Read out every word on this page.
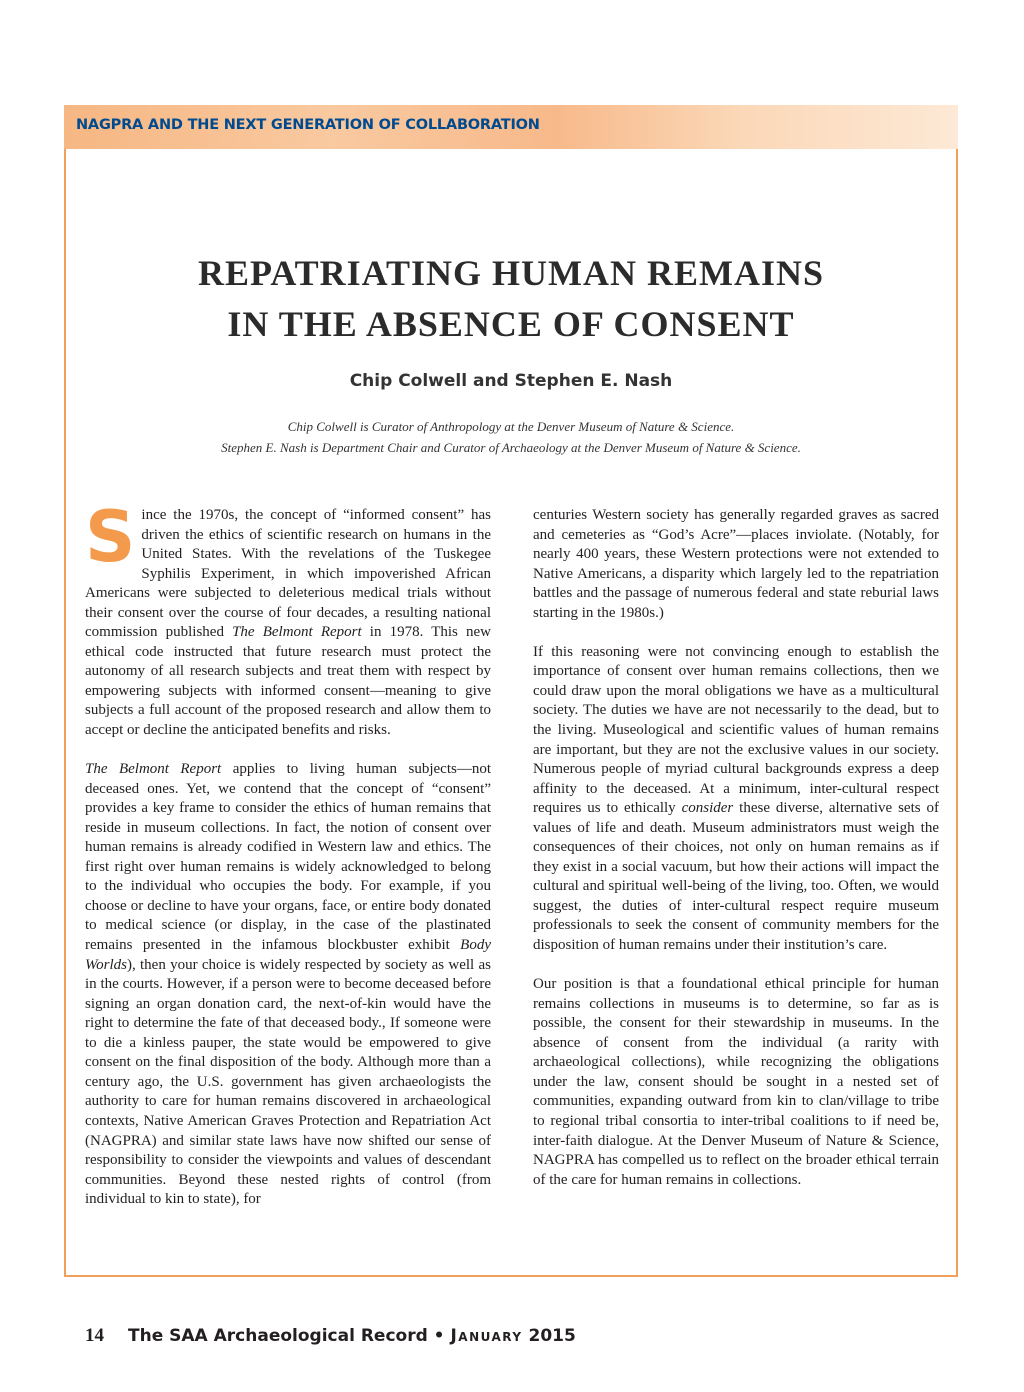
NAGPRA AND THE NEXT GENERATION OF COLLABORATION
REPATRIATING HUMAN REMAINS
IN THE ABSENCE OF CONSENT
Chip Colwell and Stephen E. Nash
Chip Colwell is Curator of Anthropology at the Denver Museum of Nature & Science.
Stephen E. Nash is Department Chair and Curator of Archaeology at the Denver Museum of Nature & Science.

Since the 1970s, the concept of “informed consent” has driven the ethics of scientific research on humans in the United States. With the revelations of the Tuskegee Syphilis Experiment, in which impoverished African Americans were subjected to deleterious medical trials without their consent over the course of four decades, a resulting national commission published The Belmont Report in 1978. This new ethical code instructed that future research must protect the autonomy of all research subjects and treat them with respect by empowering subjects with informed consent—meaning to give subjects a full account of the proposed research and allow them to accept or decline the anticipated benefits and risks.

The Belmont Report applies to living human subjects—not deceased ones. Yet, we contend that the concept of “consent” provides a key frame to consider the ethics of human remains that reside in museum collections. In fact, the notion of consent over human remains is already codified in Western law and ethics. The first right over human remains is widely acknowledged to belong to the individual who occupies the body. For example, if you choose or decline to have your organs, face, or entire body donated to medical science (or display, in the case of the plastinated remains presented in the infamous blockbuster exhibit Body Worlds), then your choice is widely respected by society as well as in the courts. However, if a person were to become deceased before signing an organ donation card, the next-of-kin would have the right to determine the fate of that deceased body., If someone were to die a kinless pauper, the state would be empowered to give consent on the final disposition of the body. Although more than a century ago, the U.S. government has given archaeologists the authority to care for human remains discovered in archaeological contexts, Native American Graves Protection and Repatriation Act (NAGPRA) and similar state laws have now shifted our sense of responsibility to consider the viewpoints and values of descendant communities. Beyond these nested rights of control (from individual to kin to state), for

centuries Western society has generally regarded graves as sacred and cemeteries as “God’s Acre”—places inviolate. (Notably, for nearly 400 years, these Western protections were not extended to Native Americans, a disparity which largely led to the repatriation battles and the passage of numerous federal and state reburial laws starting in the 1980s.)

If this reasoning were not convincing enough to establish the importance of consent over human remains collections, then we could draw upon the moral obligations we have as a multicultural society. The duties we have are not necessarily to the dead, but to the living. Museological and scientific values of human remains are important, but they are not the exclusive values in our society. Numerous people of myriad cultural backgrounds express a deep affinity to the deceased. At a minimum, inter-cultural respect requires us to ethically consider these diverse, alternative sets of values of life and death. Museum administrators must weigh the consequences of their choices, not only on human remains as if they exist in a social vacuum, but how their actions will impact the cultural and spiritual well-being of the living, too. Often, we would suggest, the duties of inter-cultural respect require museum professionals to seek the consent of community members for the disposition of human remains under their institution’s care.

Our position is that a foundational ethical principle for human remains collections in museums is to determine, so far as is possible, the consent for their stewardship in museums. In the absence of consent from the individual (a rarity with archaeological collections), while recognizing the obligations under the law, consent should be sought in a nested set of communities, expanding outward from kin to clan/village to tribe to regional tribal consortia to inter-tribal coalitions to if need be, inter-faith dialogue. At the Denver Museum of Nature & Science, NAGPRA has compelled us to reflect on the broader ethical terrain of the care for human remains in collections.

14 The SAA Archaeological Record • January 2015
